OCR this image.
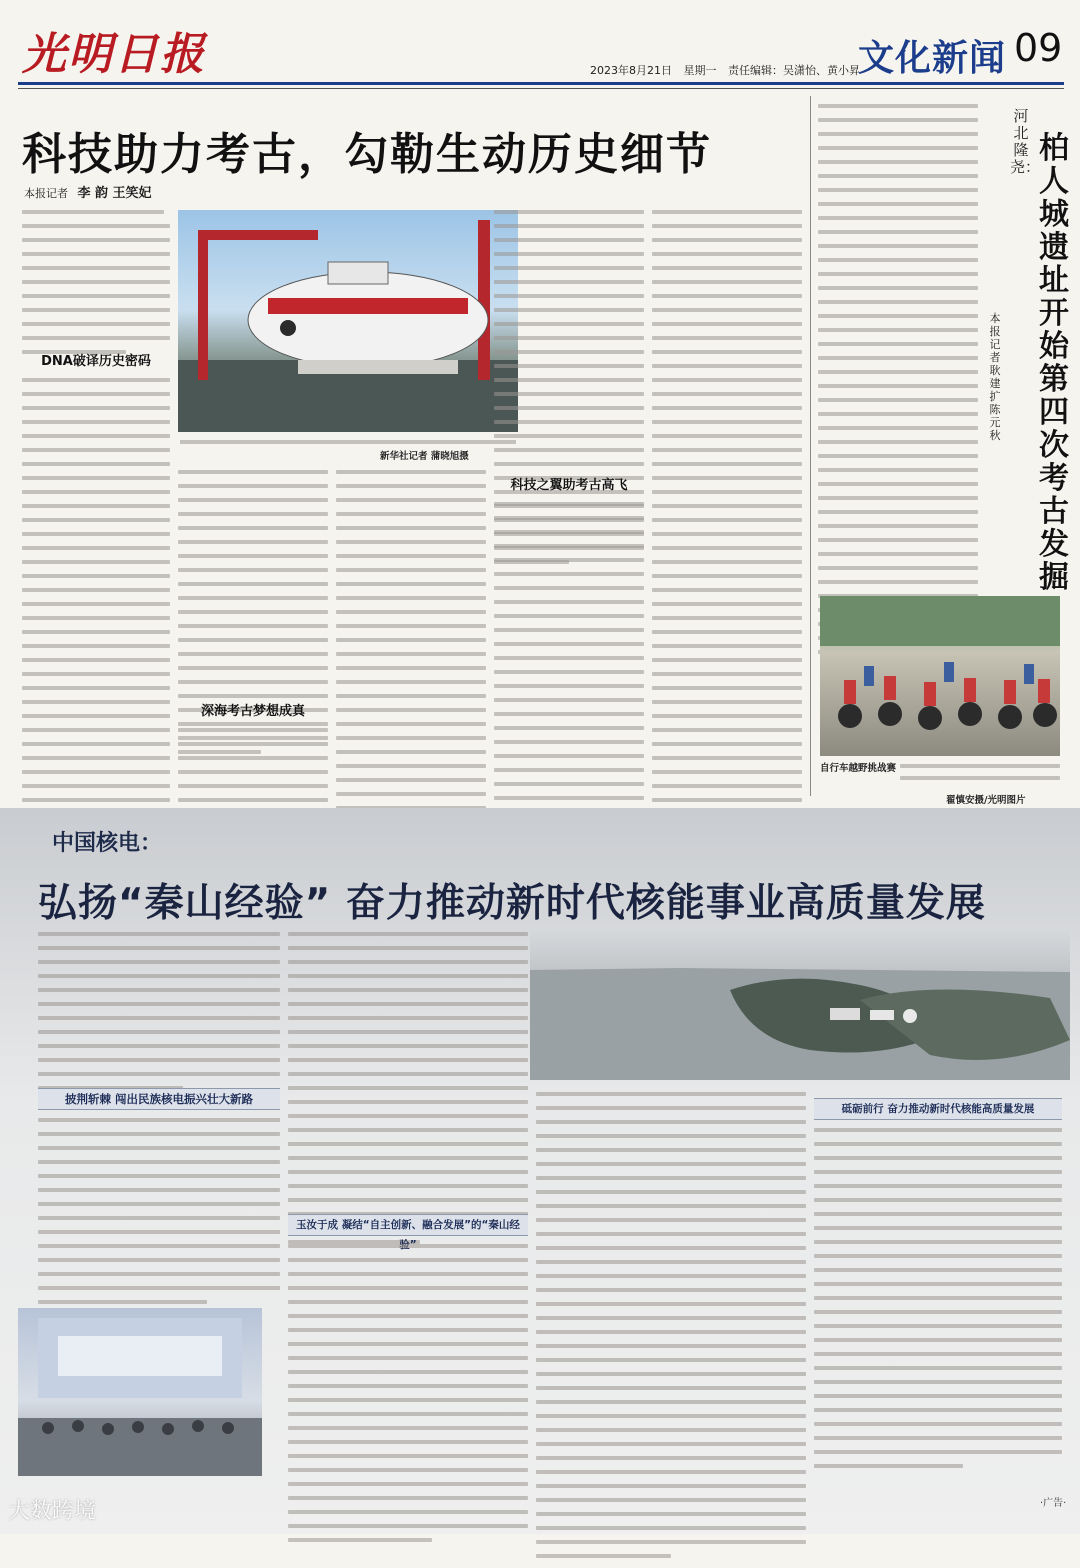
光明日报	2023年8月21日 星期一 责任编辑：吴潇怡、黄小昇
文化新闻 09
科技助力考古，勾勒生动历史细节
本报记者 李 韵 王笑妃
DNA破译历史密码
新华社记者 蒲晓旭摄
深海考古梦想成真
科技之翼助考古高飞
河北隆尧：
柏人城遗址开始第四次考古发掘
本报记者 耿建扩 陈元秋
自行车越野挑战赛
翟慎安摄/光明图片
中国核电：
弘扬“秦山经验” 奋力推动新时代核能事业高质量发展
披荆斩棘 闯出民族核电振兴壮大新路
玉汝于成 凝结“自主创新、融合发展”的“秦山经
砥砺前行 奋力推动新时代核能高质量发展
·广告·
大数跨境
